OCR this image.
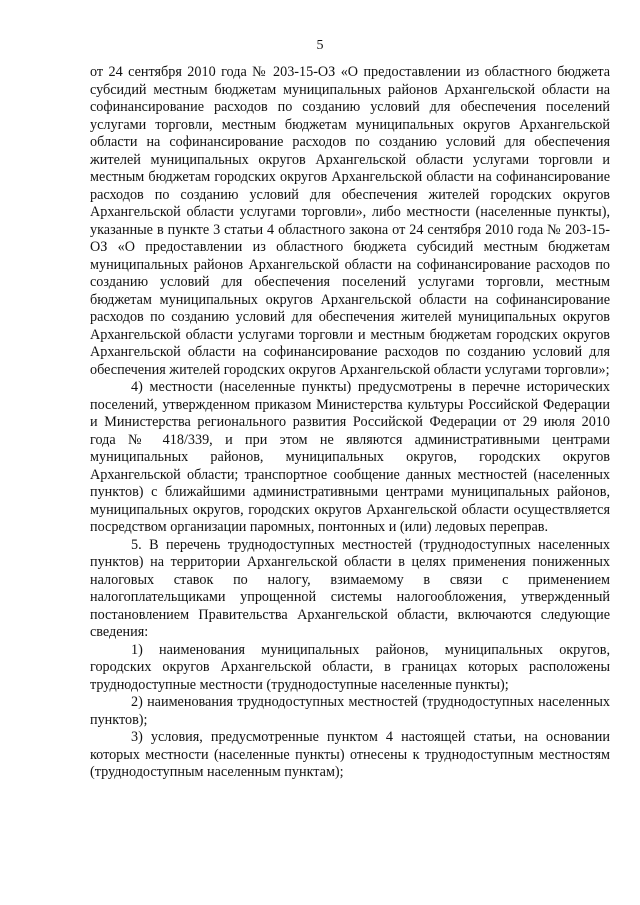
5

от 24 сентября 2010 года № 203-15-ОЗ «О предоставлении из областного бюджета субсидий местным бюджетам муниципальных районов Архангельской области на софинансирование расходов по созданию условий для обеспечения поселений услугами торговли, местным бюджетам муниципальных округов Архангельской области на софинансирование расходов по созданию условий для обеспечения жителей муниципальных округов Архангельской области услугами торговли и местным бюджетам городских округов Архангельской области на софинансирование расходов по созданию условий для обеспечения жителей городских округов Архангельской области услугами торговли», либо местности (населенные пункты), указанные в пункте 3 статьи 4 областного закона от 24 сентября 2010 года № 203-15-ОЗ «О предоставлении из областного бюджета субсидий местным бюджетам муниципальных районов Архангельской области на софинансирование расходов по созданию условий для обеспечения поселений услугами торговли, местным бюджетам муниципальных округов Архангельской области на софинансирование расходов по созданию условий для обеспечения жителей муниципальных округов Архангельской области услугами торговли и местным бюджетам городских округов Архангельской области на софинансирование расходов по созданию условий для обеспечения жителей городских округов Архангельской области услугами торговли»;

4) местности (населенные пункты) предусмотрены в перечне исторических поселений, утвержденном приказом Министерства культуры Российской Федерации и Министерства регионального развития Российской Федерации от 29 июля 2010 года № 418/339, и при этом не являются административными центрами муниципальных районов, муниципальных округов, городских округов Архангельской области; транспортное сообщение данных местностей (населенных пунктов) с ближайшими административными центрами муниципальных районов, муниципальных округов, городских округов Архангельской области осуществляется посредством организации паромных, понтонных и (или) ледовых переправ.

5. В перечень труднодоступных местностей (труднодоступных населенных пунктов) на территории Архангельской области в целях применения пониженных налоговых ставок по налогу, взимаемому в связи с применением налогоплательщиками упрощенной системы налогообложения, утвержденный постановлением Правительства Архангельской области, включаются следующие сведения:

1) наименования муниципальных районов, муниципальных округов, городских округов Архангельской области, в границах которых расположены труднодоступные местности (труднодоступные населенные пункты);

2) наименования труднодоступных местностей (труднодоступных населенных пунктов);

3) условия, предусмотренные пунктом 4 настоящей статьи, на основании которых местности (населенные пункты) отнесены к труднодоступным местностям (труднодоступным населенным пунктам);
